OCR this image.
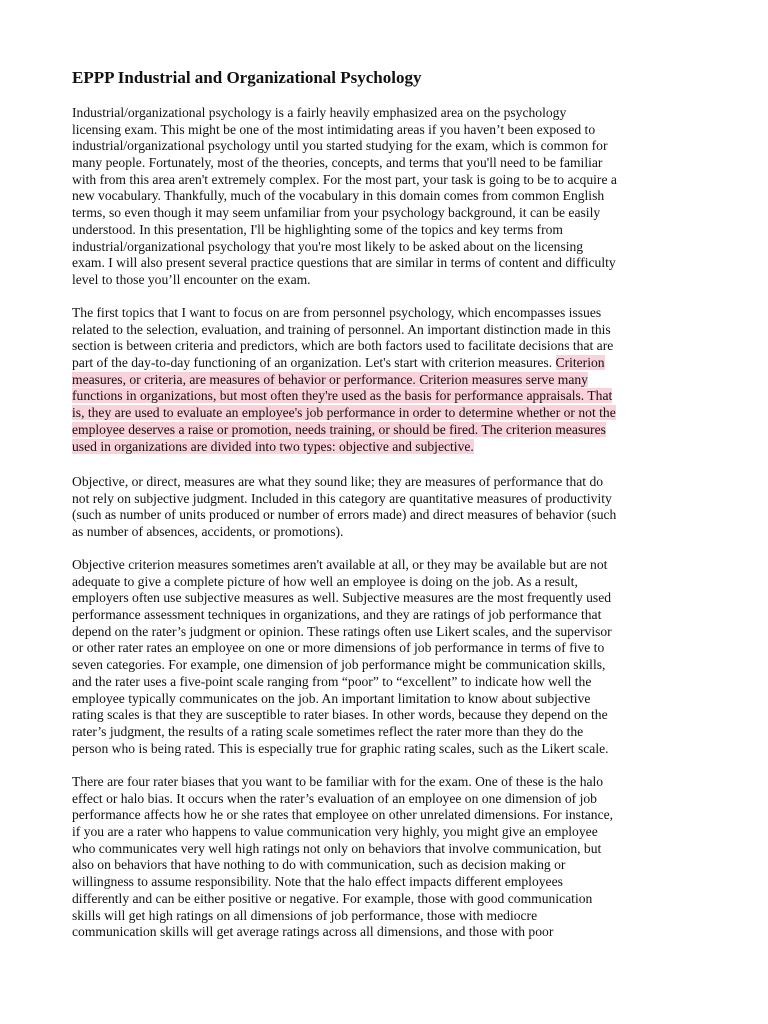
EPPP Industrial and Organizational Psychology
Industrial/organizational psychology is a fairly heavily emphasized area on the psychology
licensing exam. This might be one of the most intimidating areas if you haven’t been exposed to
industrial/organizational psychology until you started studying for the exam, which is common for
many people. Fortunately, most of the theories, concepts, and terms that you'll need to be familiar
with from this area aren't extremely complex. For the most part, your task is going to be to acquire a
new vocabulary. Thankfully, much of the vocabulary in this domain comes from common English
terms, so even though it may seem unfamiliar from your psychology background, it can be easily
understood. In this presentation, I'll be highlighting some of the topics and key terms from
industrial/organizational psychology that you're most likely to be asked about on the licensing
exam. I will also present several practice questions that are similar in terms of content and difficulty
level to those you’ll encounter on the exam.
The first topics that I want to focus on are from personnel psychology, which encompasses issues
related to the selection, evaluation, and training of personnel. An important distinction made in this
section is between criteria and predictors, which are both factors used to facilitate decisions that are
part of the day-to-day functioning of an organization. Let's start with criterion measures. Criterion
measures, or criteria, are measures of behavior or performance. Criterion measures serve many
functions in organizations, but most often they're used as the basis for performance appraisals. That
is, they are used to evaluate an employee's job performance in order to determine whether or not the
employee deserves a raise or promotion, needs training, or should be fired. The criterion measures
used in organizations are divided into two types: objective and subjective.
Objective, or direct, measures are what they sound like; they are measures of performance that do
not rely on subjective judgment. Included in this category are quantitative measures of productivity
(such as number of units produced or number of errors made) and direct measures of behavior (such
as number of absences, accidents, or promotions).
Objective criterion measures sometimes aren't available at all, or they may be available but are not
adequate to give a complete picture of how well an employee is doing on the job. As a result,
employers often use subjective measures as well. Subjective measures are the most frequently used
performance assessment techniques in organizations, and they are ratings of job performance that
depend on the rater’s judgment or opinion. These ratings often use Likert scales, and the supervisor
or other rater rates an employee on one or more dimensions of job performance in terms of five to
seven categories. For example, one dimension of job performance might be communication skills,
and the rater uses a five-point scale ranging from “poor” to “excellent” to indicate how well the
employee typically communicates on the job. An important limitation to know about subjective
rating scales is that they are susceptible to rater biases. In other words, because they depend on the
rater’s judgment, the results of a rating scale sometimes reflect the rater more than they do the
person who is being rated. This is especially true for graphic rating scales, such as the Likert scale.
There are four rater biases that you want to be familiar with for the exam. One of these is the halo
effect or halo bias. It occurs when the rater’s evaluation of an employee on one dimension of job
performance affects how he or she rates that employee on other unrelated dimensions. For instance,
if you are a rater who happens to value communication very highly, you might give an employee
who communicates very well high ratings not only on behaviors that involve communication, but
also on behaviors that have nothing to do with communication, such as decision making or
willingness to assume responsibility. Note that the halo effect impacts different employees
differently and can be either positive or negative. For example, those with good communication
skills will get high ratings on all dimensions of job performance, those with mediocre
communication skills will get average ratings across all dimensions, and those with poor
